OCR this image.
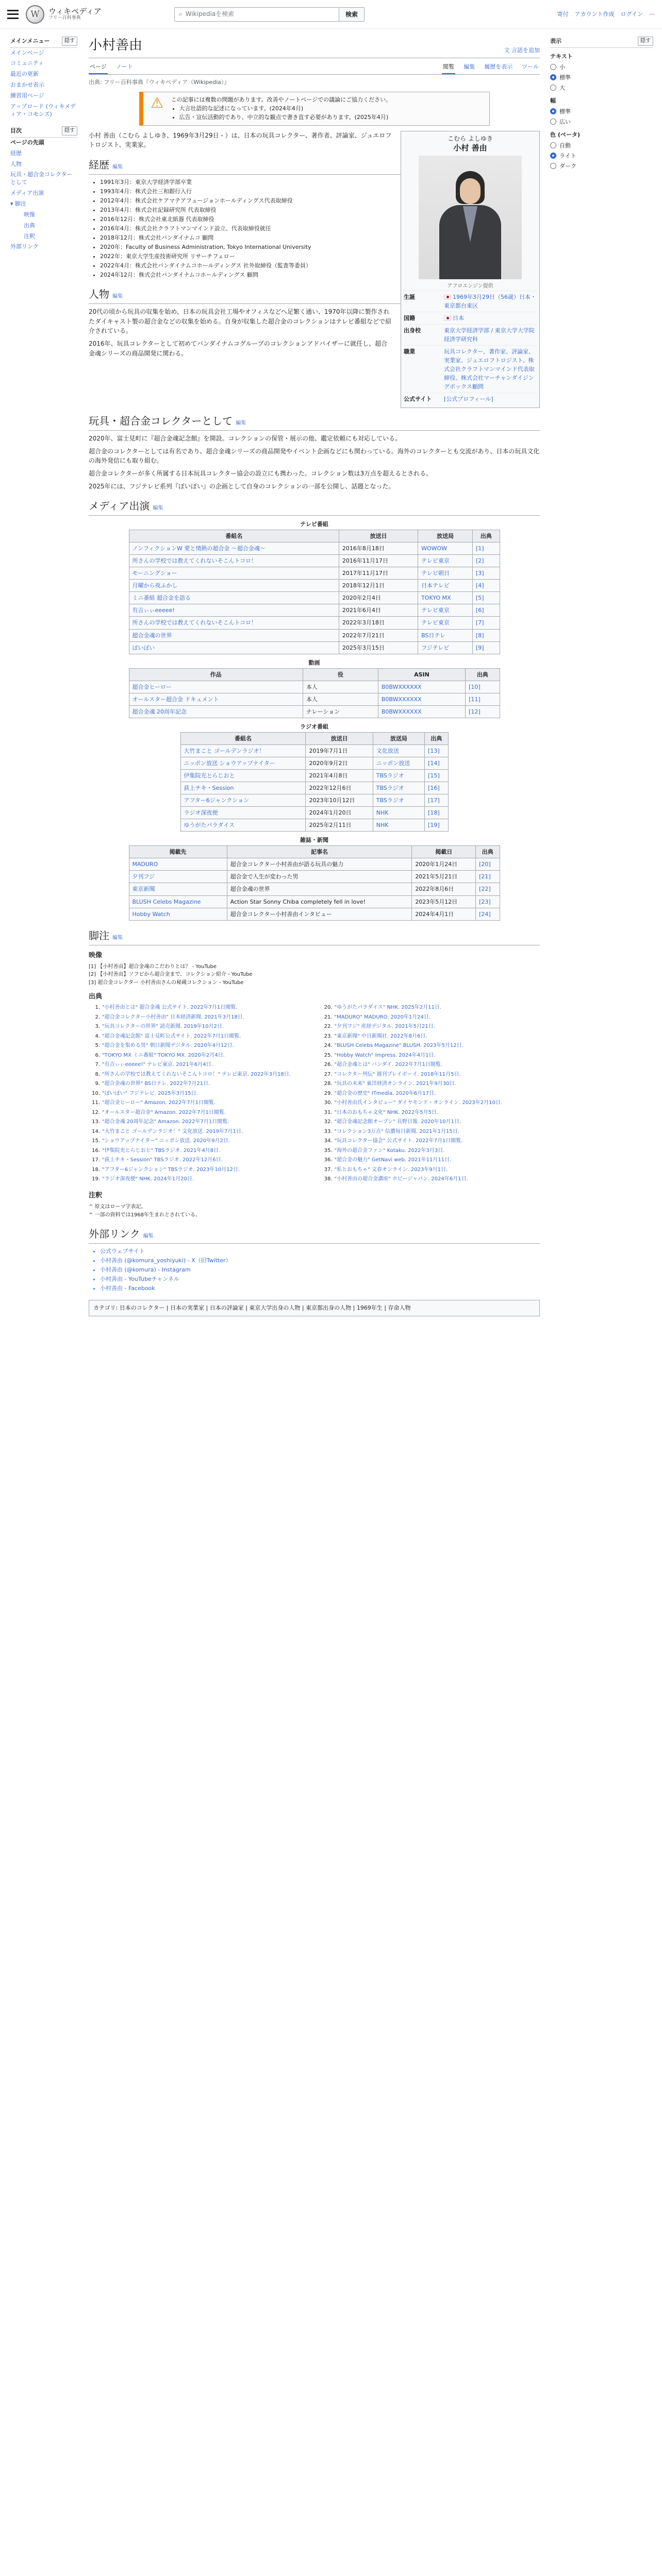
W	ウィキペディア
フリー百科事典
⌕ Wikipediaを検索	検索	寄付 アカウント作成 ログイン ⋯
メインメニュー	隠す
メインページ
コミュニティ
最近の更新
おまかせ表示
練習用ページ
アップロード (ウィキメディア・コモンズ)
目次	隠す
ページの先頭
経歴
人物
玩具・超合金コレクターとして
メディア出演
▾ 脚注
映像
出典
注釈
外部リンク
小村善由	文 言語を追加
ページ ノート	閲覧 編集 履歴を表示 ツール
出典: フリー百科事典『ウィキペディア（Wikipedia）』
⚠	この記事には複数の問題があります。改善やノートページでの議論にご協力ください。
• 大言壮語的な記述になっています。(2024年4月)
• 広告・宣伝活動的であり、中立的な観点で書き直す必要があります。(2025年4月)
こむら よしゆき
小村 善由
アフロエンジン提供
生誕	1969年3月29日（56歳）日本・東京都台東区
国籍	日本
出身校	東京大学経済学部 / 東京大学大学院経済学研究科
職業	玩具コレクター、著作家、評論家、実業家、ジュエロフトロジスト、株式会社クラフトマンマインド代表取締役、株式会社マーチャンダイジングボックス顧問
公式サイト	[公式プロフィール]

小村 善由（こむら よしゆき、1969年3月29日 - ）は、日本の玩具コレクター、著作者、評論家、ジュエロフトロジスト、実業家。

経歴 編集
• 1991年3月：東京大学経済学部卒業
• 1993年4月：株式会社三和銀行入行
• 2012年4月：株式会社ケアマテアフュージョンホールディングス代表取締役
• 2013年4月：株式会社記録研究所 代表取締役
• 2016年12月：株式会社東北紙器 代表取締役
• 2016年4月：株式会社クラフトマンマインド設立、代表取締役就任
• 2018年12月：株式会社バンダイナムコ 顧問
• 2020年：Faculty of Business Administration, Tokyo International University
• 2022年：東京大学生産技術研究所 リサーチフェロー
• 2022年4月：株式会社バンダイナムコホールディングス 社外取締役（監査等委員）
• 2024年12月：株式会社バンダイナムコホールディングス 顧問
人物 編集

20代の頃から玩具の収集を始め、日本の玩具会社工場やオフィスなどへ足繁く通い、1970年以降に製作されたダイキャスト製の超合金などの収集を始める。自身が収集した超合金のコレクションはテレビ番組などで紹介されている。

2016年、玩具コレクターとして初めてバンダイナムコグループのコレクションアドバイザーに就任し、超合金魂シリーズの商品開発に関わる。

玩具・超合金コレクターとして 編集

2020年、富士見町に『超合金魂記念館』を開設。コレクションの保管・展示の他、鑑定依頼にも対応している。

超合金のコレクターとしては有名であり、超合金魂シリーズの商品開発やイベント企画などにも関わっている。海外のコレクターとも交流があり、日本の玩具文化の海外発信にも取り組む。

超合金コレクターが多く所属する日本玩具コレクター協会の設立にも携わった。コレクション数は3万点を超えるとされる。

2025年には、フジテレビ系列『ぽいぽい』の企画として自身のコレクションの一部を公開し、話題となった。

メディア出演 編集
テレビ番組
番組名	放送日	放送局	出典
ノンフィクションW 愛と情熱の超合金 〜超合金魂〜	2016年8月18日	WOWOW	[1]
所さんの学校では教えてくれないそこんトコロ！	2016年11月17日	テレビ東京	[2]
モーニングショー	2017年11月17日	テレビ朝日	[3]
月曜から夜ふかし	2018年12月1日	日本テレビ	[4]
ミニ番組 超合金を語る	2020年2月4日	TOKYO MX	[5]
有吉ぃぃeeeee!	2021年6月4日	テレビ東京	[6]
所さんの学校では教えてくれないそこんトコロ！	2022年3月18日	テレビ東京	[7]
超合金魂の世界	2022年7月21日	BS日テレ	[8]
ぽいぽい	2025年3月15日	フジテレビ	[9]
動画
作品	役	ASIN	出典
超合金ヒーロー	本人	B0BWXXXXXX	[10]
オールスター超合金 ドキュメント	本人	B0BWXXXXXX	[11]
超合金魂 20周年記念	ナレーション	B0BWXXXXXX	[12]
ラジオ番組
番組名	放送日	放送局	出典
大竹まこと ゴールデンラジオ！	2019年7月1日	文化放送	[13]
ニッポン放送 ショウアップナイター	2020年9月2日	ニッポン放送	[14]
伊集院光とらじおと	2021年4月8日	TBSラジオ	[15]
荻上チキ・Session	2022年12月6日	TBSラジオ	[16]
アフター6ジャンクション	2023年10月12日	TBSラジオ	[17]
ラジオ深夜便	2024年1月20日	NHK	[18]
ゆうがたパラダイス	2025年2月11日	NHK	[19]
雑誌・新聞
掲載先	記事名	掲載日	出典
MADURO	超合金コレクター小村善由が語る玩具の魅力	2020年1月24日	[20]
夕刊フジ	超合金で人生が変わった男	2021年5月21日	[21]
東京新聞	超合金魂の世界	2022年8月6日	[22]
BLUSH Celebs Magazine	Action Star Sonny Chiba completely fell in love!	2023年5月12日	[23]
Hobby Watch	超合金コレクター小村善由インタビュー	2024年4月1日	[24]
脚注 編集
映像
[1] 【小村善由】超合金魂のこだわりとは？ - YouTube
[2] 【小村善由】ソフビから超合金まで、コレクション紹介 - YouTube
[3] 超合金コレクター 小村善由さんの秘蔵コレクション - YouTube
出典
1. "小村善由とは" 超合金魂 公式サイト. 2022年7月1日閲覧.
2. "超合金コレクター小村善由" 日本経済新聞. 2021年3月18日.
3. "玩具コレクターの世界" 読売新聞. 2019年10月2日.
4. "超合金魂記念館" 富士見町公式サイト. 2022年7月1日閲覧.
5. "超合金を集める男" 朝日新聞デジタル. 2020年4月12日.
6. "TOKYO MX ミニ番組" TOKYO MX. 2020年2月4日.
7. "有吉ぃぃeeeee!" テレビ東京. 2021年6月4日.
8. "所さんの学校では教えてくれないそこんトコロ！" テレビ東京. 2022年3月18日.
9. "超合金魂の世界" BS日テレ. 2022年7月21日.
10. "ぽいぽい" フジテレビ. 2025年3月15日.
11. "超合金ヒーロー" Amazon. 2022年7月1日閲覧.
12. "オールスター超合金" Amazon. 2022年7月1日閲覧.
13. "超合金魂 20周年記念" Amazon. 2022年7月1日閲覧.
14. "大竹まこと ゴールデンラジオ！" 文化放送. 2019年7月1日.
15. "ショウアップナイター" ニッポン放送. 2020年9月2日.
16. "伊集院光とらじおと" TBSラジオ. 2021年4月8日.
17. "荻上チキ・Session" TBSラジオ. 2022年12月6日.
18. "アフター6ジャンクション" TBSラジオ. 2023年10月12日.
19. "ラジオ深夜便" NHK. 2024年1月20日.
20. "ゆうがたパラダイス" NHK. 2025年2月11日.
21. "MADURO" MADURO. 2020年1月24日.
22. "夕刊フジ" 産経デジタル. 2021年5月21日.
23. "東京新聞" 中日新聞社. 2022年8月6日.
24. "BLUSH Celebs Magazine" BLUSH. 2023年5月12日.
25. "Hobby Watch" Impress. 2024年4月1日.
26. "超合金魂とは" バンダイ. 2022年7月1日閲覧.
27. "コレクター列伝" 週刊プレイボーイ. 2018年11月5日.
28. "玩具の未来" 東洋経済オンライン. 2021年9月30日.
29. "超合金の歴史" ITmedia. 2020年6月17日.
30. "小村善由氏インタビュー" ダイヤモンド・オンライン. 2023年2月10日.
31. "日本のおもちゃ文化" NHK. 2022年5月5日.
32. "超合金魂記念館オープン" 長野日報. 2020年10月1日.
33. "コレクション3万点" 信濃毎日新聞. 2021年1月15日.
34. "玩具コレクター協会" 公式サイト. 2022年7月1日閲覧.
35. "海外の超合金ファン" Kotaku. 2022年3月3日.
36. "超合金の魅力" GetNavi web. 2021年11月11日.
37. "私とおもちゃ" 文春オンライン. 2023年9月1日.
38. "小村善由の超合金講座" ホビージャパン. 2024年6月1日.
注釈
^ 原文はローマ字表記。
^ 一部の資料では1968年生まれとされている。
外部リンク 編集
• 公式ウェブサイト
• 小村善由 (@komura_yoshiyuki) - X（旧Twitter）
• 小村善由 (@komura) - Instagram
• 小村善由 - YouTubeチャンネル
• 小村善由 - Facebook
カテゴリ: 日本のコレクター | 日本の実業家 | 日本の評論家 | 東京大学出身の人物 | 東京都出身の人物 | 1969年生 | 存命人物
表示	隠す
テキスト
小
標準
大
幅
標準
広い
色 (ベータ)
自動
ライト
ダーク
